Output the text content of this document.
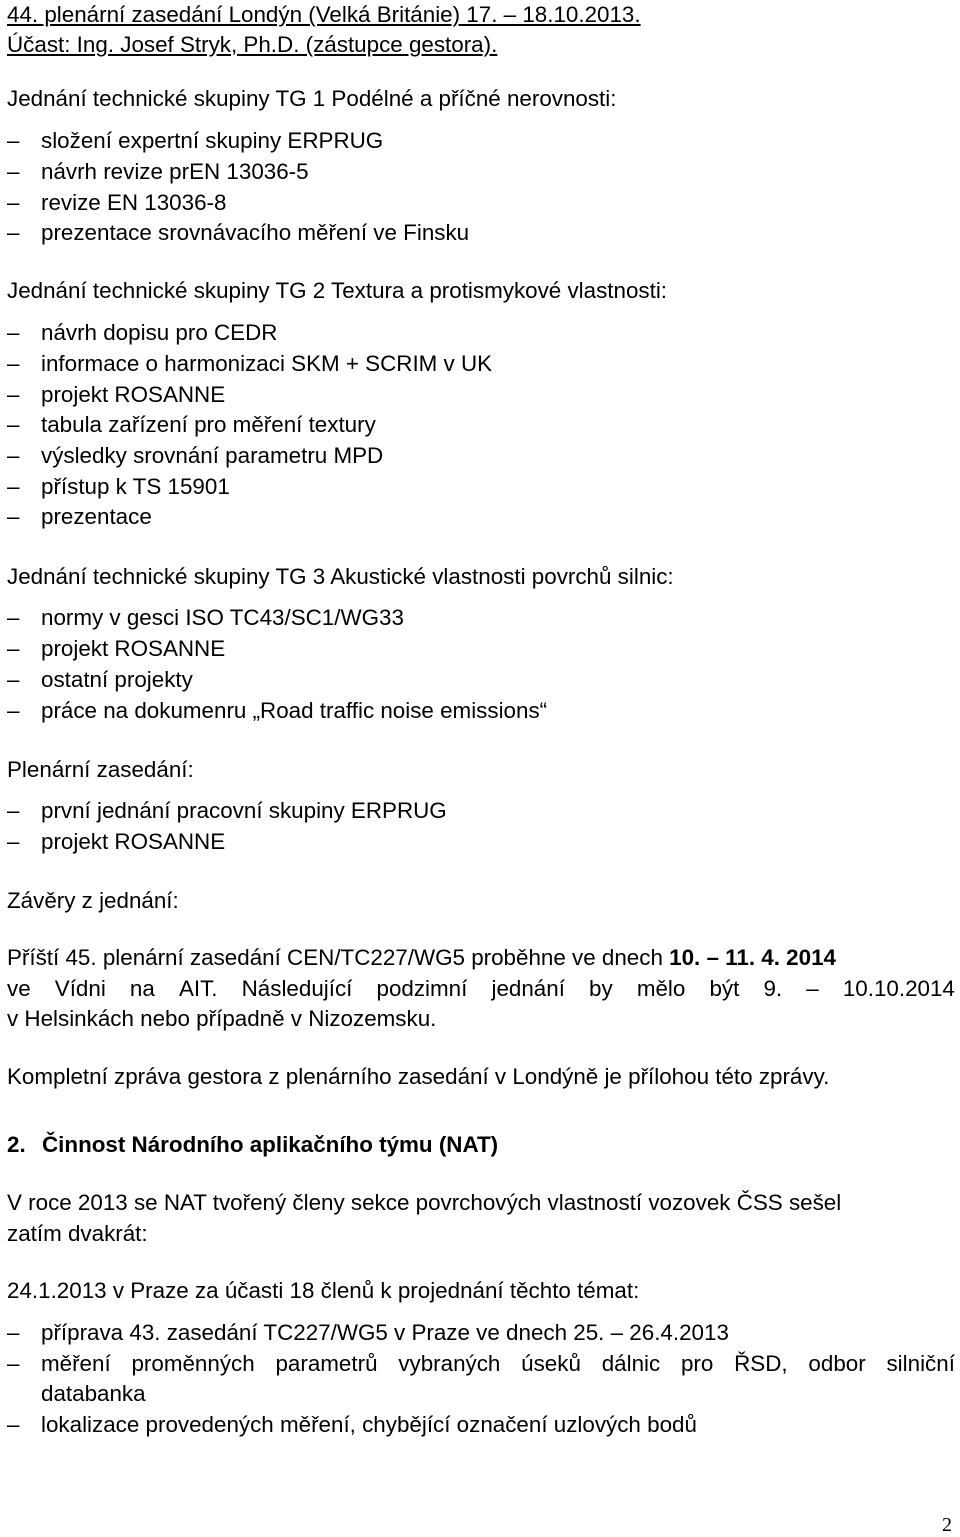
44. plenární zasedání Londýn (Velká Británie) 17. – 18.10.2013.
Účast: Ing. Josef Stryk, Ph.D. (zástupce gestora).
Jednání technické skupiny TG 1 Podélné a příčné nerovnosti:
– složení expertní skupiny ERPRUG
– návrh revize prEN 13036-5
– revize EN 13036-8
– prezentace srovnávacího měření ve Finsku
Jednání technické skupiny TG 2 Textura a protismykové vlastnosti:
– návrh dopisu pro CEDR
– informace o harmonizaci SKM + SCRIM v UK
– projekt ROSANNE
– tabula zařízení pro měření textury
– výsledky srovnání parametru MPD
– přístup k TS 15901
– prezentace
Jednání technické skupiny TG 3 Akustické vlastnosti povrchů silnic:
– normy v gesci ISO TC43/SC1/WG33
– projekt ROSANNE
– ostatní projekty
– práce na dokumenru „Road traffic noise emissions“
Plenární zasedání:
– první jednání pracovní skupiny ERPRUG
– projekt ROSANNE
Závěry z jednání:
Příští 45. plenární zasedání CEN/TC227/WG5 proběhne ve dnech 10. – 11. 4. 2014
ve Vídni na AIT. Následující podzimní jednání by mělo být 9. – 10.10.2014
v Helsinkách nebo případně v Nizozemsku.
Kompletní zpráva gestora z plenárního zasedání v Londýně je přílohou této zprávy.
2. Činnost Národního aplikačního týmu (NAT)
V roce 2013 se NAT tvořený členy sekce povrchových vlastností vozovek ČSS sešel
zatím dvakrát:
24.1.2013 v Praze za účasti 18 členů k projednání těchto témat:
– příprava 43. zasedání TC227/WG5 v Praze ve dnech 25. – 26.4.2013
– měření proměnných parametrů vybraných úseků dálnic pro ŘSD, odbor silniční
databanka
– lokalizace provedených měření, chybějící označení uzlových bodů
2
